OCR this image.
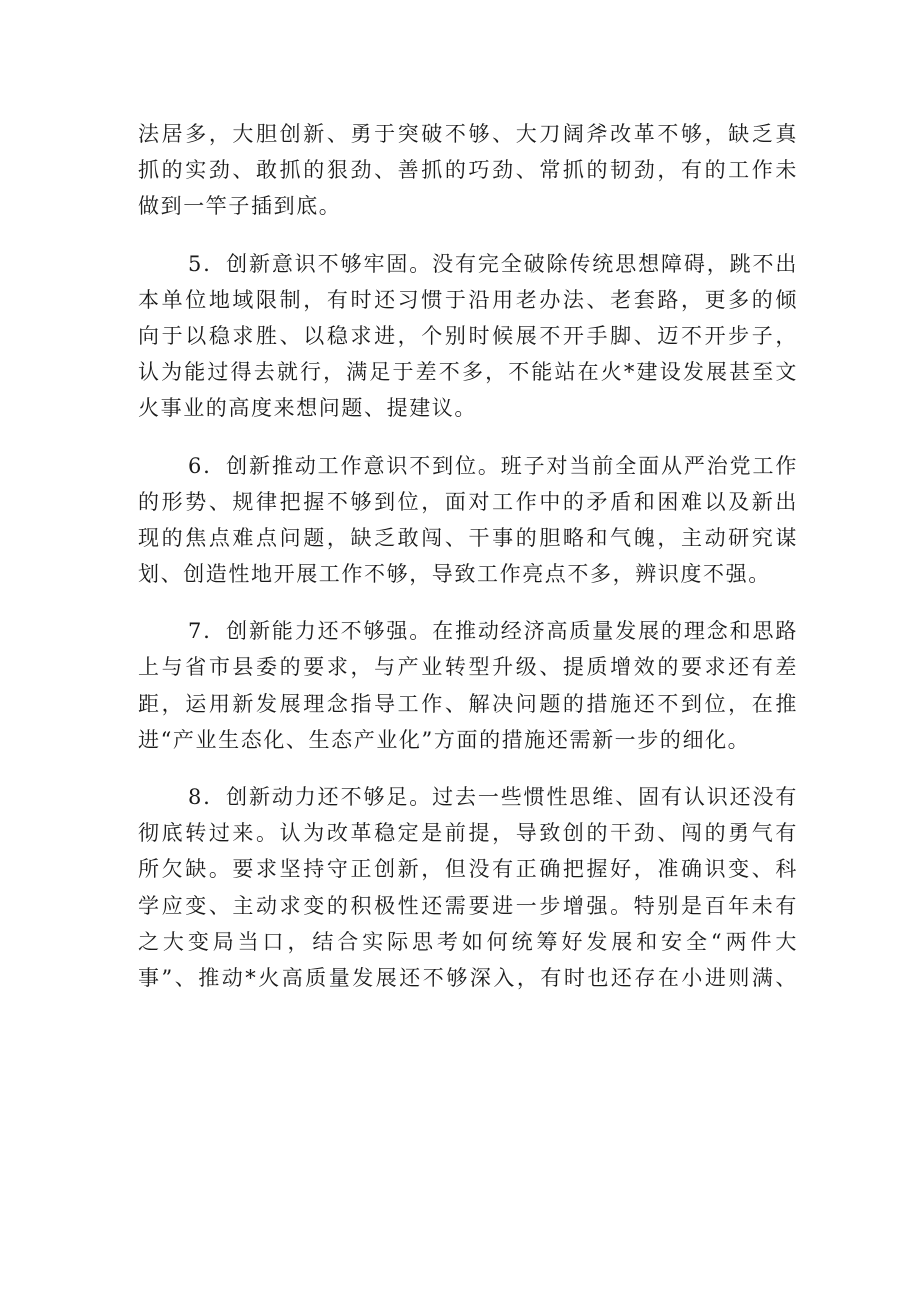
法居多，大胆创新、勇于突破不够、大刀阔斧改革不够，缺乏真
抓的实劲、敢抓的狠劲、善抓的巧劲、常抓的韧劲，有的工作未
做到一竿子插到底。
5．创新意识不够牢固。没有完全破除传统思想障碍，跳不出
本单位地域限制，有时还习惯于沿用老办法、老套路，更多的倾
向于以稳求胜、以稳求进，个别时候展不开手脚、迈不开步子，
认为能过得去就行，满足于差不多，不能站在火*建设发展甚至文
火事业的高度来想问题、提建议。
6．创新推动工作意识不到位。班子对当前全面从严治党工作
的形势、规律把握不够到位，面对工作中的矛盾和困难以及新出
现的焦点难点问题，缺乏敢闯、干事的胆略和气魄，主动研究谋
划、创造性地开展工作不够，导致工作亮点不多，辨识度不强。
7．创新能力还不够强。在推动经济高质量发展的理念和思路
上与省市县委的要求，与产业转型升级、提质增效的要求还有差
距，运用新发展理念指导工作、解决问题的措施还不到位，在推
进“产业生态化、生态产业化”方面的措施还需新一步的细化。
8．创新动力还不够足。过去一些惯性思维、固有认识还没有
彻底转过来。认为改革稳定是前提，导致创的干劲、闯的勇气有
所欠缺。要求坚持守正创新，但没有正确把握好，准确识变、科
学应变、主动求变的积极性还需要进一步增强。特别是百年未有
之大变局当口，结合实际思考如何统筹好发展和安全“两件大
事”、推动*火高质量发展还不够深入，有时也还存在小进则满、
